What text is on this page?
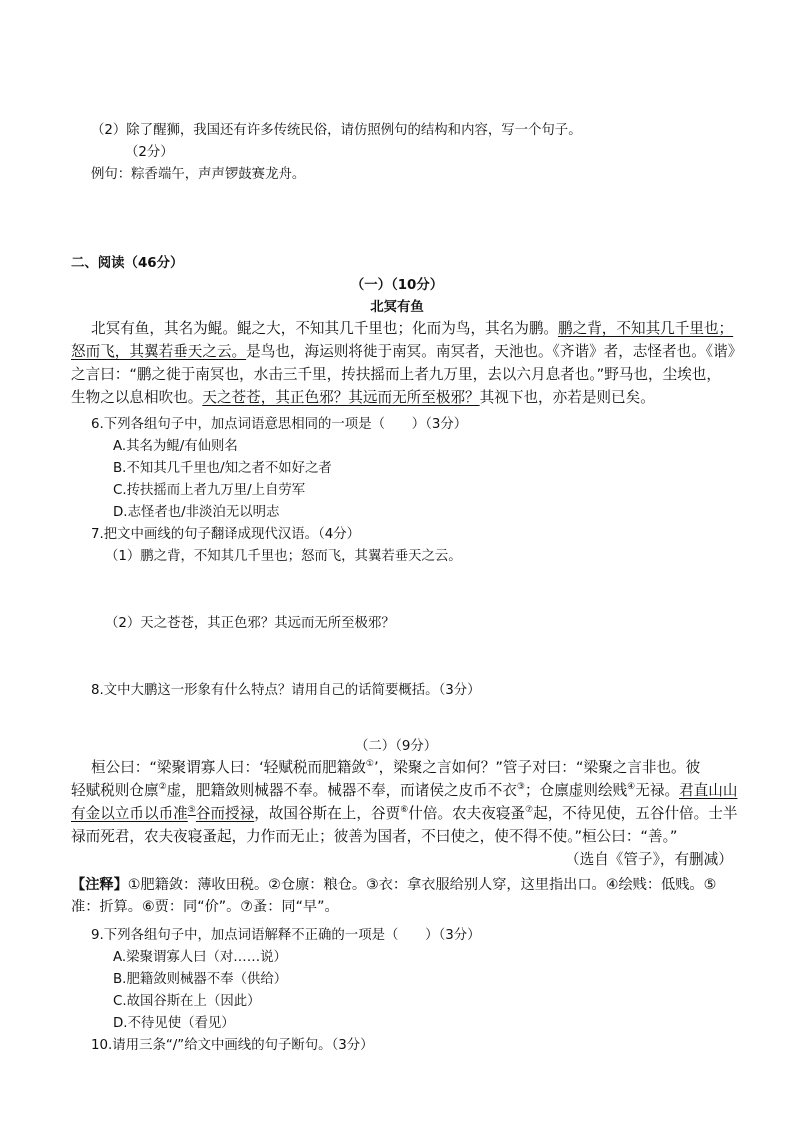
（2）除了醒狮，我国还有许多传统民俗，请仿照例句的结构和内容，写一个句子。
（2分）
例句：粽香端午，声声锣鼓赛龙舟。
二、阅读（46分）
（一）（10分）
北冥有鱼
北冥有鱼，其名为鲲。鲲之大，不知其几千里也；化而为鸟，其名为鹏。鹏之背，不知其几千里也；
怒而飞，其翼若垂天之云。是鸟也，海运则将徙于南冥。南冥者，天池也。《齐谐》者，志怪者也。《谐》
之言曰：“鹏之徙于南冥也，水击三千里，抟扶摇而上者九万里，去以六月息者也。”野马也，尘埃也，
生物之以息相吹也。天之苍苍，其正色邪？其远而无所至极邪？其视下也，亦若是则已矣。
6.下列各组句子中，加点词语意思相同的一项是（　　）（3分）
A.其名为鲲/有仙则名
B.不知其几千里也/知之者不如好之者
C.抟扶摇而上者九万里/上自劳军
D.志怪者也/非淡泊无以明志
7.把文中画线的句子翻译成现代汉语。（4分）
（1）鹏之背，不知其几千里也；怒而飞，其翼若垂天之云。
（2）天之苍苍，其正色邪？其远而无所至极邪？
8.文中大鹏这一形象有什么特点？请用自己的话简要概括。（3分）
（二）（9分）
桓公曰：“梁聚谓寡人曰：‘轻赋税而肥籍敛①’，梁聚之言如何？”管子对曰：“梁聚之言非也。彼
轻赋税则仓廪②虚，肥籍敛则械器不奉。械器不奉，而诸侯之皮币不衣③；仓廪虚则绘贱④无禄。君直山山
有金以立币以币准⑤谷而授禄，故国谷斯在上，谷贾⑥什倍。农夫夜寝蚤⑦起，不待见使，五谷什倍。士半
禄而死君，农夫夜寝蚤起，力作而无止；彼善为国者，不曰使之，使不得不使。”桓公曰：“善。”
（选自《管子》，有删减）
【注释】①肥籍敛：薄收田税。②仓廪：粮仓。③衣：拿衣服给别人穿，这里指出口。④绘贱：低贱。⑤
准：折算。⑥贾：同“价”。⑦蚤：同“早”。
9.下列各组句子中，加点词语解释不正确的一项是（　　）（3分）
A.梁聚谓寡人曰（对……说）
B.肥籍敛则械器不奉（供给）
C.故国谷斯在上（因此）
D.不待见使（看见）
10.请用三条“/”给文中画线的句子断句。（3分）
